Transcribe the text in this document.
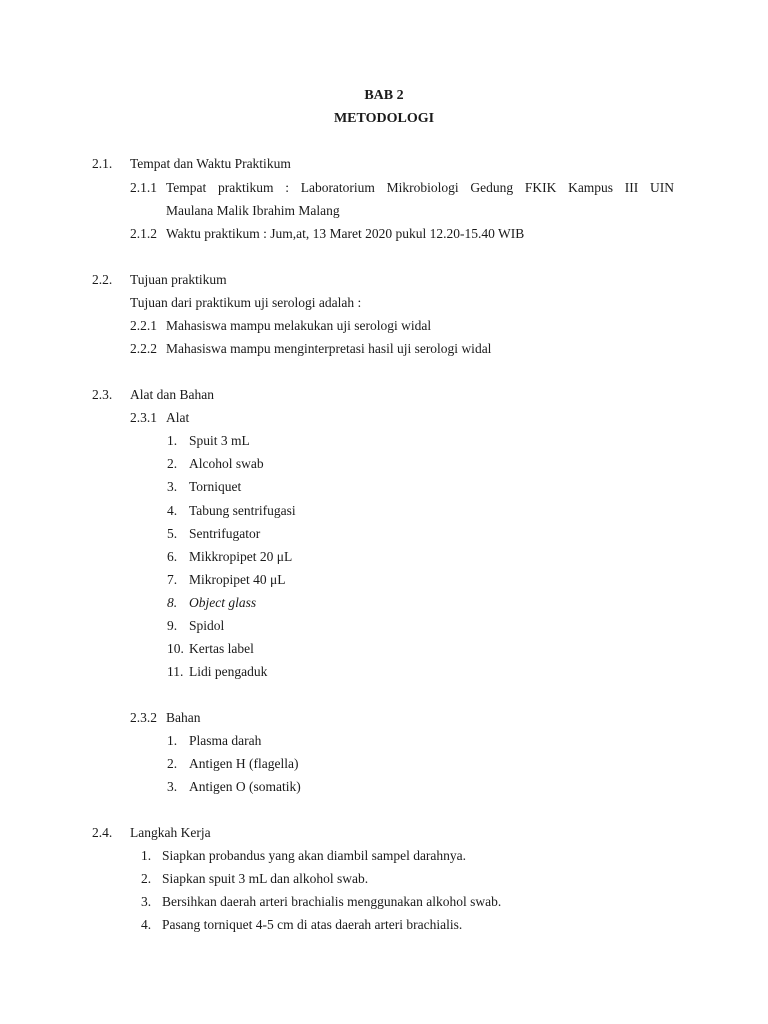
BAB 2
METODOLOGI
2.1. Tempat dan Waktu Praktikum
2.1.1 Tempat praktikum : Laboratorium Mikrobiologi Gedung FKIK Kampus III UIN
Maulana Malik Ibrahim Malang
2.1.2 Waktu praktikum : Jum,at, 13 Maret 2020 pukul 12.20-15.40 WIB
2.2. Tujuan praktikum
Tujuan dari praktikum uji serologi adalah :
2.2.1 Mahasiswa mampu melakukan uji serologi widal
2.2.2 Mahasiswa mampu menginterpretasi hasil uji serologi widal
2.3. Alat dan Bahan
2.3.1 Alat
1. Spuit 3 mL
2. Alcohol swab
3. Torniquet
4. Tabung sentrifugasi
5. Sentrifugator
6. Mikkropipet 20 μL
7. Mikropipet 40 μL
8. Object glass
9. Spidol
10. Kertas label
11. Lidi pengaduk
2.3.2 Bahan
1. Plasma darah
2. Antigen H (flagella)
3. Antigen O (somatik)
2.4. Langkah Kerja
1. Siapkan probandus yang akan diambil sampel darahnya.
2. Siapkan spuit 3 mL dan alkohol swab.
3. Bersihkan daerah arteri brachialis menggunakan alkohol swab.
4. Pasang torniquet 4-5 cm di atas daerah arteri brachialis.
